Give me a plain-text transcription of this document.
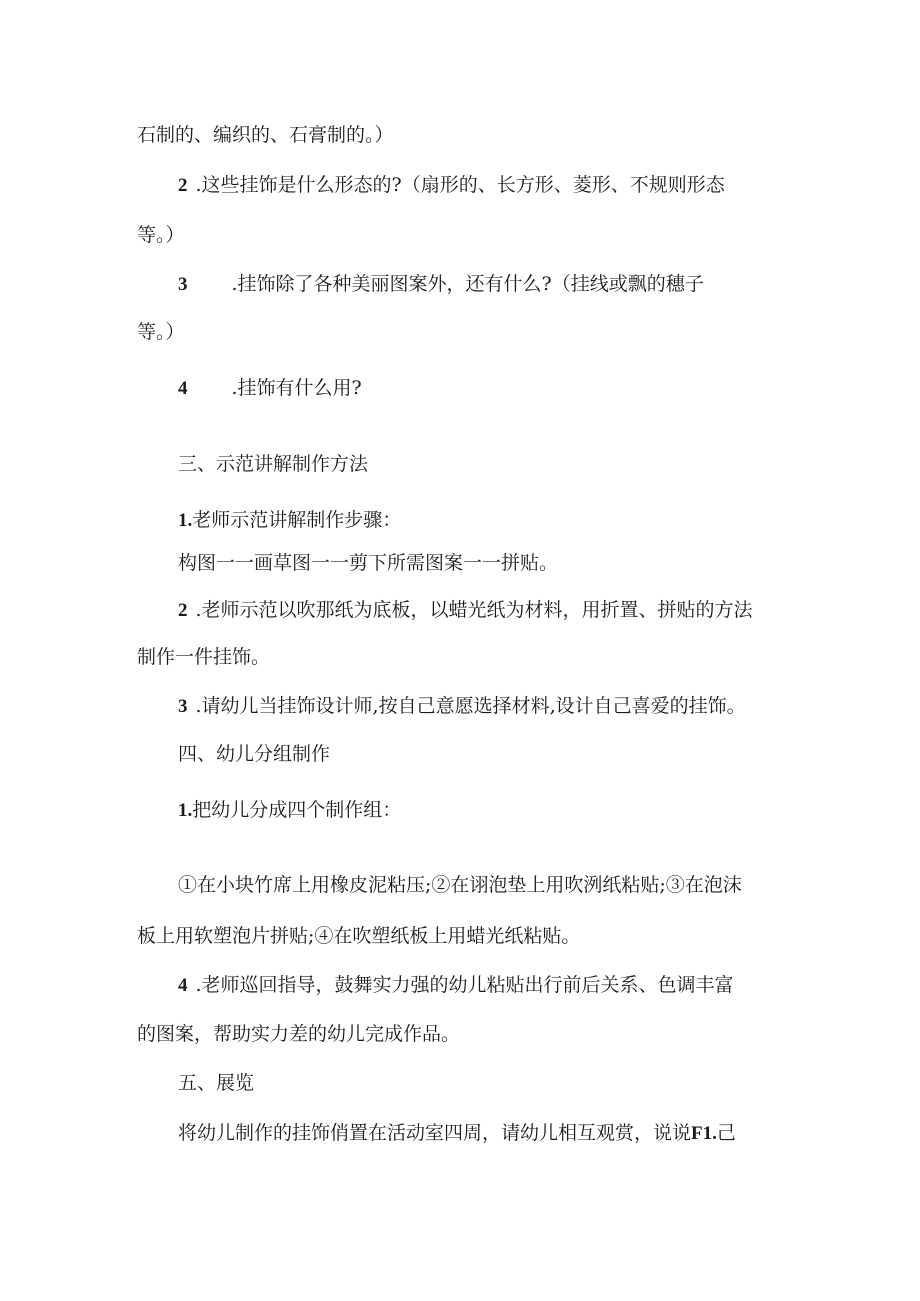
石制的、编织的、石膏制的。）
2 .这些挂饰是什么形态的?（扇形的、长方形、菱形、不规则形态
等。）
3 .挂饰除了各种美丽图案外，还有什么?（挂线或飘的穗子
等。）
4 .挂饰有什么用?
三、示范讲解制作方法
1.老师示范讲解制作步骤：
构图一一画草图一一剪下所需图案一一拼贴。
2 .老师示范以吹那纸为底板，以蜡光纸为材料，用折置、拼贴的方法
制作一件挂饰。
3 .请幼儿当挂饰设计师,按自己意愿选择材料,设计自己喜爱的挂饰。
四、幼儿分组制作
1.把幼儿分成四个制作组：
①在小块竹席上用橡皮泥粘压;②在诩泡垫上用吹洌纸粘贴;③在泡沫
板上用软塑泡片拼贴;④在吹塑纸板上用蜡光纸粘贴。
4 .老师巡回指导，鼓舞实力强的幼儿粘贴出行前后关系、色调丰富
的图案，帮助实力差的幼儿完成作品。
五、展览
将幼儿制作的挂饰俏置在活动室四周，请幼儿相互观赏，说说F1.己
